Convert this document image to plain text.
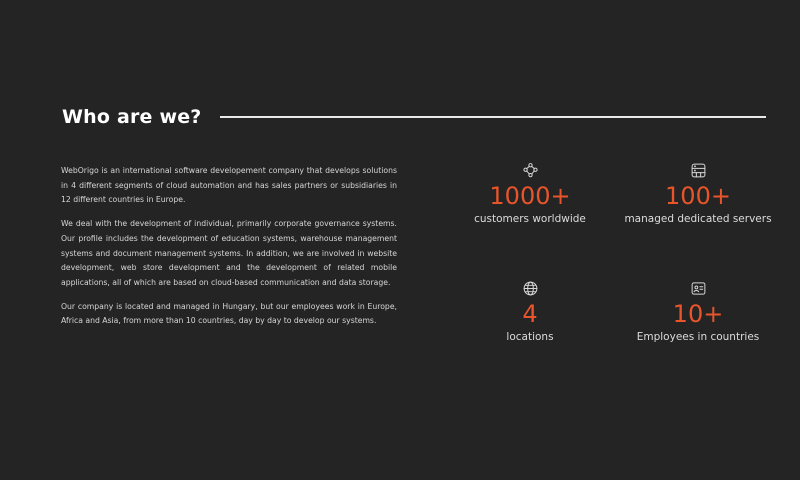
Who are we?

WebOrigo is an international software developement company that develops solutions in 4 different segments of cloud automation and has sales partners or subsidiaries in 12 different countries in Europe.

We deal with the development of individual, primarily corporate governance systems. Our profile includes the development of education systems, warehouse management systems and document management systems. In addition, we are involved in website development, web store development and the development of related mobile applications, all of which are based on cloud-based communication and data storage.

Our company is located and managed in Hungary, but our employees work in Europe, Africa and Asia, from more than 10 countries, day by day to develop our systems.

1000+
customers worldwide
100+
managed dedicated servers
4
locations
10+
Employees in countries
